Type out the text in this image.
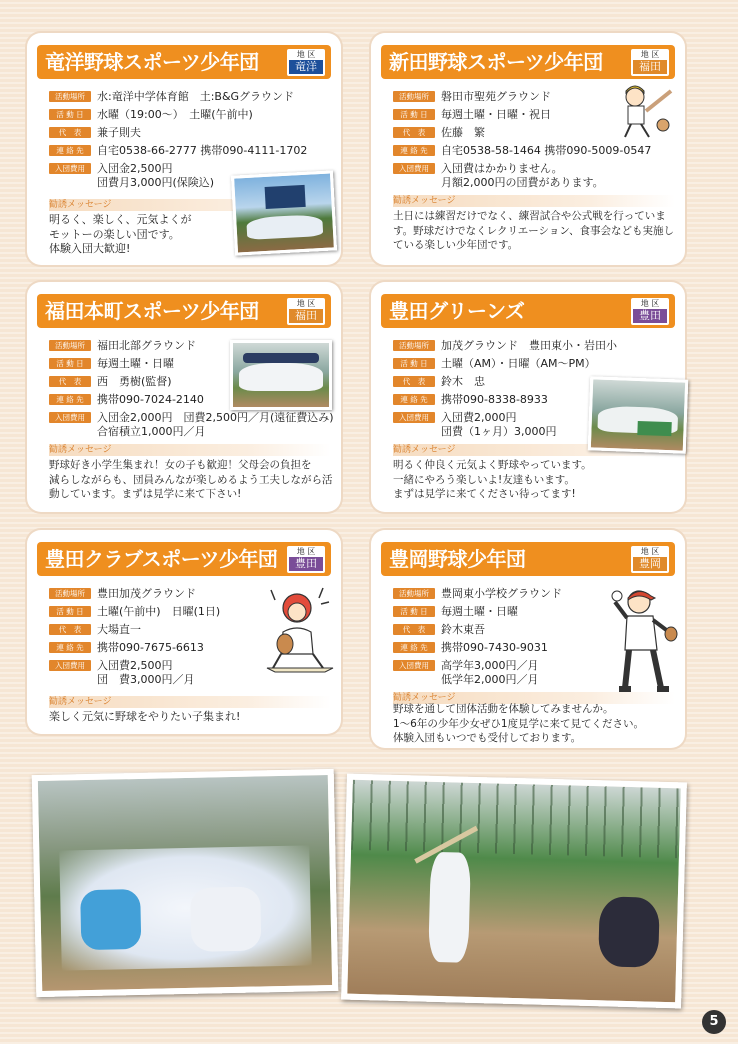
竜洋野球スポーツ少年団	地 区
竜洋
活動場所 水:竜洋中学体育館　土:B&Gグラウンド
活 動 日 水曜（19:00～）　土曜(午前中)
代　表 兼子則夫
連 絡 先 自宅0538-66-2777 携帯090-4111-1702
入団費用 入団金2,500円
団費月3,000円(保険込)
勧誘メッセージ
明るく、楽しく、元気よくが
モットーの楽しい団です。
体験入団大歓迎!
新田野球スポーツ少年団	地 区
福田
活動場所 磐田市聖苑グラウンド
活 動 日 毎週土曜・日曜・祝日
代　表 佐藤　繁
連 絡 先 自宅0538-58-1464 携帯090-5009-0547
入団費用 入団費はかかりません。
月額2,000円の団費があります。
勧誘メッセージ
土日には練習だけでなく、練習試合や公式戦を行っていま
す。野球だけでなくレクリエーション、食事会なども実施し
ている楽しい少年団です。
福田本町スポーツ少年団	地 区
福田
活動場所 福田北部グラウンド
活 動 日 毎週土曜・日曜
代　表 西　勇樹(監督)
連 絡 先 携帯090-7024-2140
入団費用 入団金2,000円　団費2,500円／月(遠征費込み)
合宿積立1,000円／月
勧誘メッセージ
野球好き小学生集まれ！女の子も歓迎！父母会の負担を
減らしながらも、団員みんなが楽しめるよう工夫しながら活
動しています。まずは見学に来て下さい!
豊田グリーンズ	地 区
豊田
活動場所 加茂グラウンド　豊田東小・岩田小
活 動 日 土曜（AM）・日曜（AM～PM）
代　表 鈴木　忠
連 絡 先 携帯090-8338-8933
入団費用 入団費2,000円
団費（1ヶ月）3,000円
勧誘メッセージ
明るく仲良く元気よく野球やっています。
一緒にやろう楽しいよ!友達もいます。
まずは見学に来てください待ってます!
豊田クラブスポーツ少年団	地 区
豊田
活動場所 豊田加茂グラウンド
活 動 日 土曜(午前中)　日曜(1日)
代　表 大場直一
連 絡 先 携帯090-7675-6613
入団費用 入団費2,500円
団　費3,000円／月
勧誘メッセージ
楽しく元気に野球をやりたい子集まれ!
豊岡野球少年団	地 区
豊岡
活動場所 豊岡東小学校グラウンド
活 動 日 毎週土曜・日曜
代　表 鈴木東吾
連 絡 先 携帯090-7430-9031
入団費用 高学年3,000円／月
低学年2,000円／月
勧誘メッセージ
野球を通して団体活動を体験してみませんか。
1～6年の少年少女ぜひ1度見学に来て見てください。
体験入団もいつでも受付しております。
5
